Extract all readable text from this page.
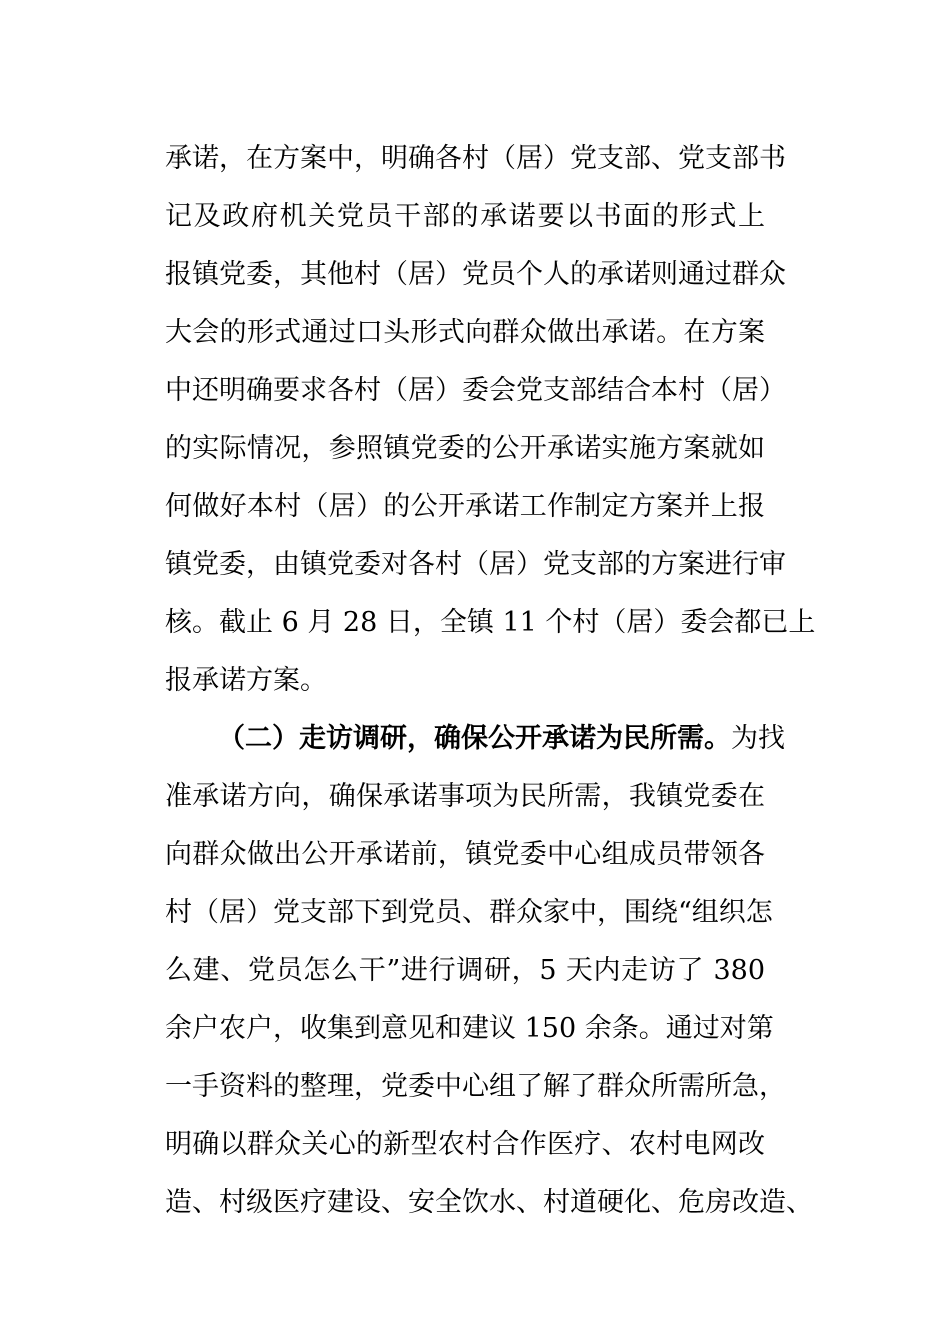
承诺，在方案中，明确各村（居）党支部、党支部书
记及政府机关党员干部的承诺要以书面的形式上
报镇党委，其他村（居）党员个人的承诺则通过群众
大会的形式通过口头形式向群众做出承诺。在方案
中还明确要求各村（居）委会党支部结合本村（居）
的实际情况，参照镇党委的公开承诺实施方案就如
何做好本村（居）的公开承诺工作制定方案并上报
镇党委，由镇党委对各村（居）党支部的方案进行审
核。截止 6 月 28 日，全镇 11 个村（居）委会都已上
报承诺方案。
（二）走访调研，确保公开承诺为民所需。为找
准承诺方向，确保承诺事项为民所需，我镇党委在
向群众做出公开承诺前，镇党委中心组成员带领各
村（居）党支部下到党员、群众家中，围绕“组织怎
么建、党员怎么干”进行调研，5 天内走访了 380
余户农户，收集到意见和建议 150 余条。通过对第
一手资料的整理，党委中心组了解了群众所需所急，
明确以群众关心的新型农村合作医疗、农村电网改
造、村级医疗建设、安全饮水、村道硬化、危房改造、
